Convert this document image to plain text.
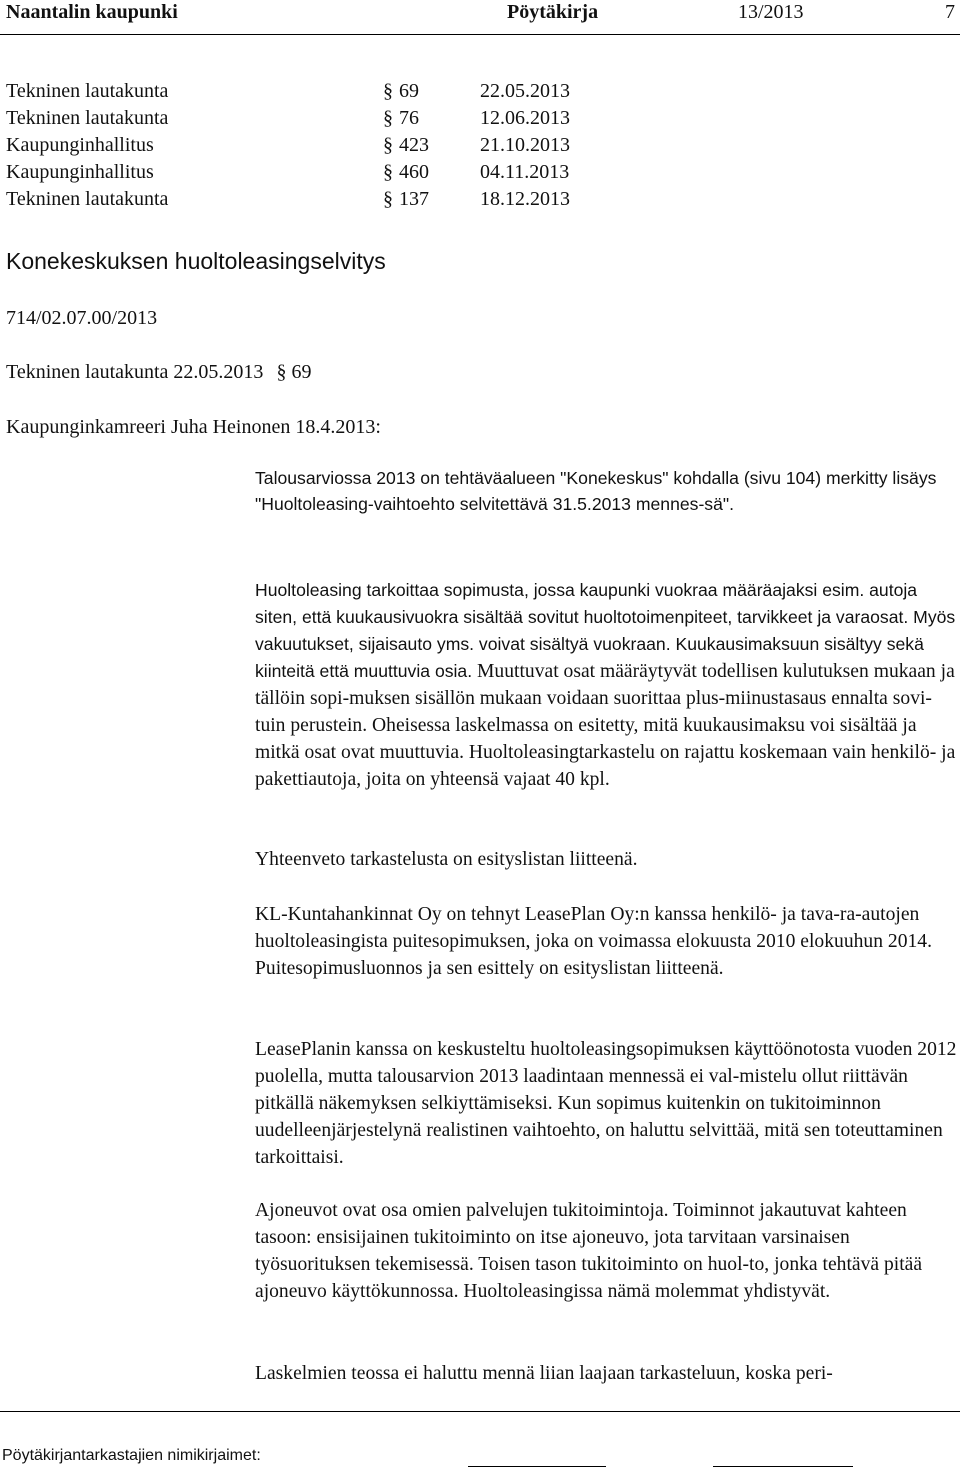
Naantalin kaupunki	Pöytäkirja	13/2013	7
Tekninen lautakunta	§ 69	22.05.2013
Tekninen lautakunta	§ 76	12.06.2013
Kaupunginhallitus	§ 423	21.10.2013
Kaupunginhallitus	§ 460	04.11.2013
Tekninen lautakunta	§ 137	18.12.2013
Konekeskuksen huoltoleasingselvitys
714/02.07.00/2013
Tekninen lautakunta 22.05.2013 § 69
Kaupunginkamreeri Juha Heinonen 18.4.2013:

Talousarviossa 2013 on tehtäväalueen "Konekeskus" kohdalla (sivu 104) merkitty lisäys "Huoltoleasing-vaihtoehto selvitettävä 31.5.2013 mennes-sä".

Huoltoleasing tarkoittaa sopimusta, jossa kaupunki vuokraa määräajaksi esim. autoja siten, että kuukausivuokra sisältää sovitut huoltotoimenpiteet, tarvikkeet ja varaosat. Myös vakuutukset, sijaisauto yms. voivat sisältyä vuokraan. Kuukausimaksuun sisältyy sekä kiinteitä että muuttuvia osia. Muuttuvat osat määräytyvät todellisen kulutuksen mukaan ja tällöin sopi-muksen sisällön mukaan voidaan suorittaa plus-miinustasaus ennalta sovi-tuin perustein. Oheisessa laskelmassa on esitetty, mitä kuukausimaksu voi sisältää ja mitkä osat ovat muuttuvia. Huoltoleasingtarkastelu on rajattu koskemaan vain henkilö- ja pakettiautoja, joita on yhteensä vajaat 40 kpl.

Yhteenveto tarkastelusta on esityslistan liitteenä.

KL-Kuntahankinnat Oy on tehnyt LeasePlan Oy:n kanssa henkilö- ja tava-ra-autojen huoltoleasingista puitesopimuksen, joka on voimassa elokuusta 2010 elokuuhun 2014. Puitesopimusluonnos ja sen esittely on esityslistan liitteenä.

LeasePlanin kanssa on keskusteltu huoltoleasingsopimuksen käyttöönotosta vuoden 2012 puolella, mutta talousarvion 2013 laadintaan mennessä ei val-mistelu ollut riittävän pitkällä näkemyksen selkiyttämiseksi. Kun sopimus kuitenkin on tukitoiminnon uudelleenjärjestelynä realistinen vaihtoehto, on haluttu selvittää, mitä sen toteuttaminen tarkoittaisi.

Ajoneuvot ovat osa omien palvelujen tukitoimintoja. Toiminnot jakautuvat kahteen tasoon: ensisijainen tukitoiminto on itse ajoneuvo, jota tarvitaan varsinaisen työsuorituksen tekemisessä. Toisen tason tukitoiminto on huol-to, jonka tehtävä pitää ajoneuvo käyttökunnossa. Huoltoleasingissa nämä molemmat yhdistyvät.

Laskelmien teossa ei haluttu mennä liian laajaan tarkasteluun, koska peri-

Pöytäkirjantarkastajien nimikirjaimet:
